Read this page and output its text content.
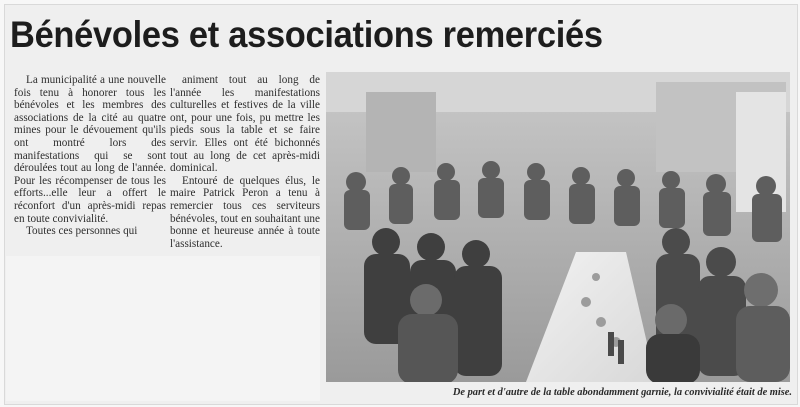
Bénévoles et associations remerciés

La municipalité a une nouvelle fois tenu à honorer tous les bénévoles et les membres des associations de la cité au quatre mines pour le dévouement qu'ils ont montré lors des manifestations qui se sont déroulées tout au long de l'année. Pour les récompenser de tous les efforts...elle leur a offert le réconfort d'un après-midi repas en toute convivialité.

Toutes ces personnes qui

animent tout au long de l'année les manifestations culturelles et festives de la ville ont, pour une fois, pu mettre les pieds sous la table et se faire servir. Elles ont été bichonnés tout au long de cet après-midi dominical.

Entouré de quelques élus, le maire Patrick Peron a tenu à remercier tous ces serviteurs bénévoles, tout en souhaitant une bonne et heureuse année à toute l'assistance.

De part et d'autre de la table abondamment garnie, la convivialité était de mise.
